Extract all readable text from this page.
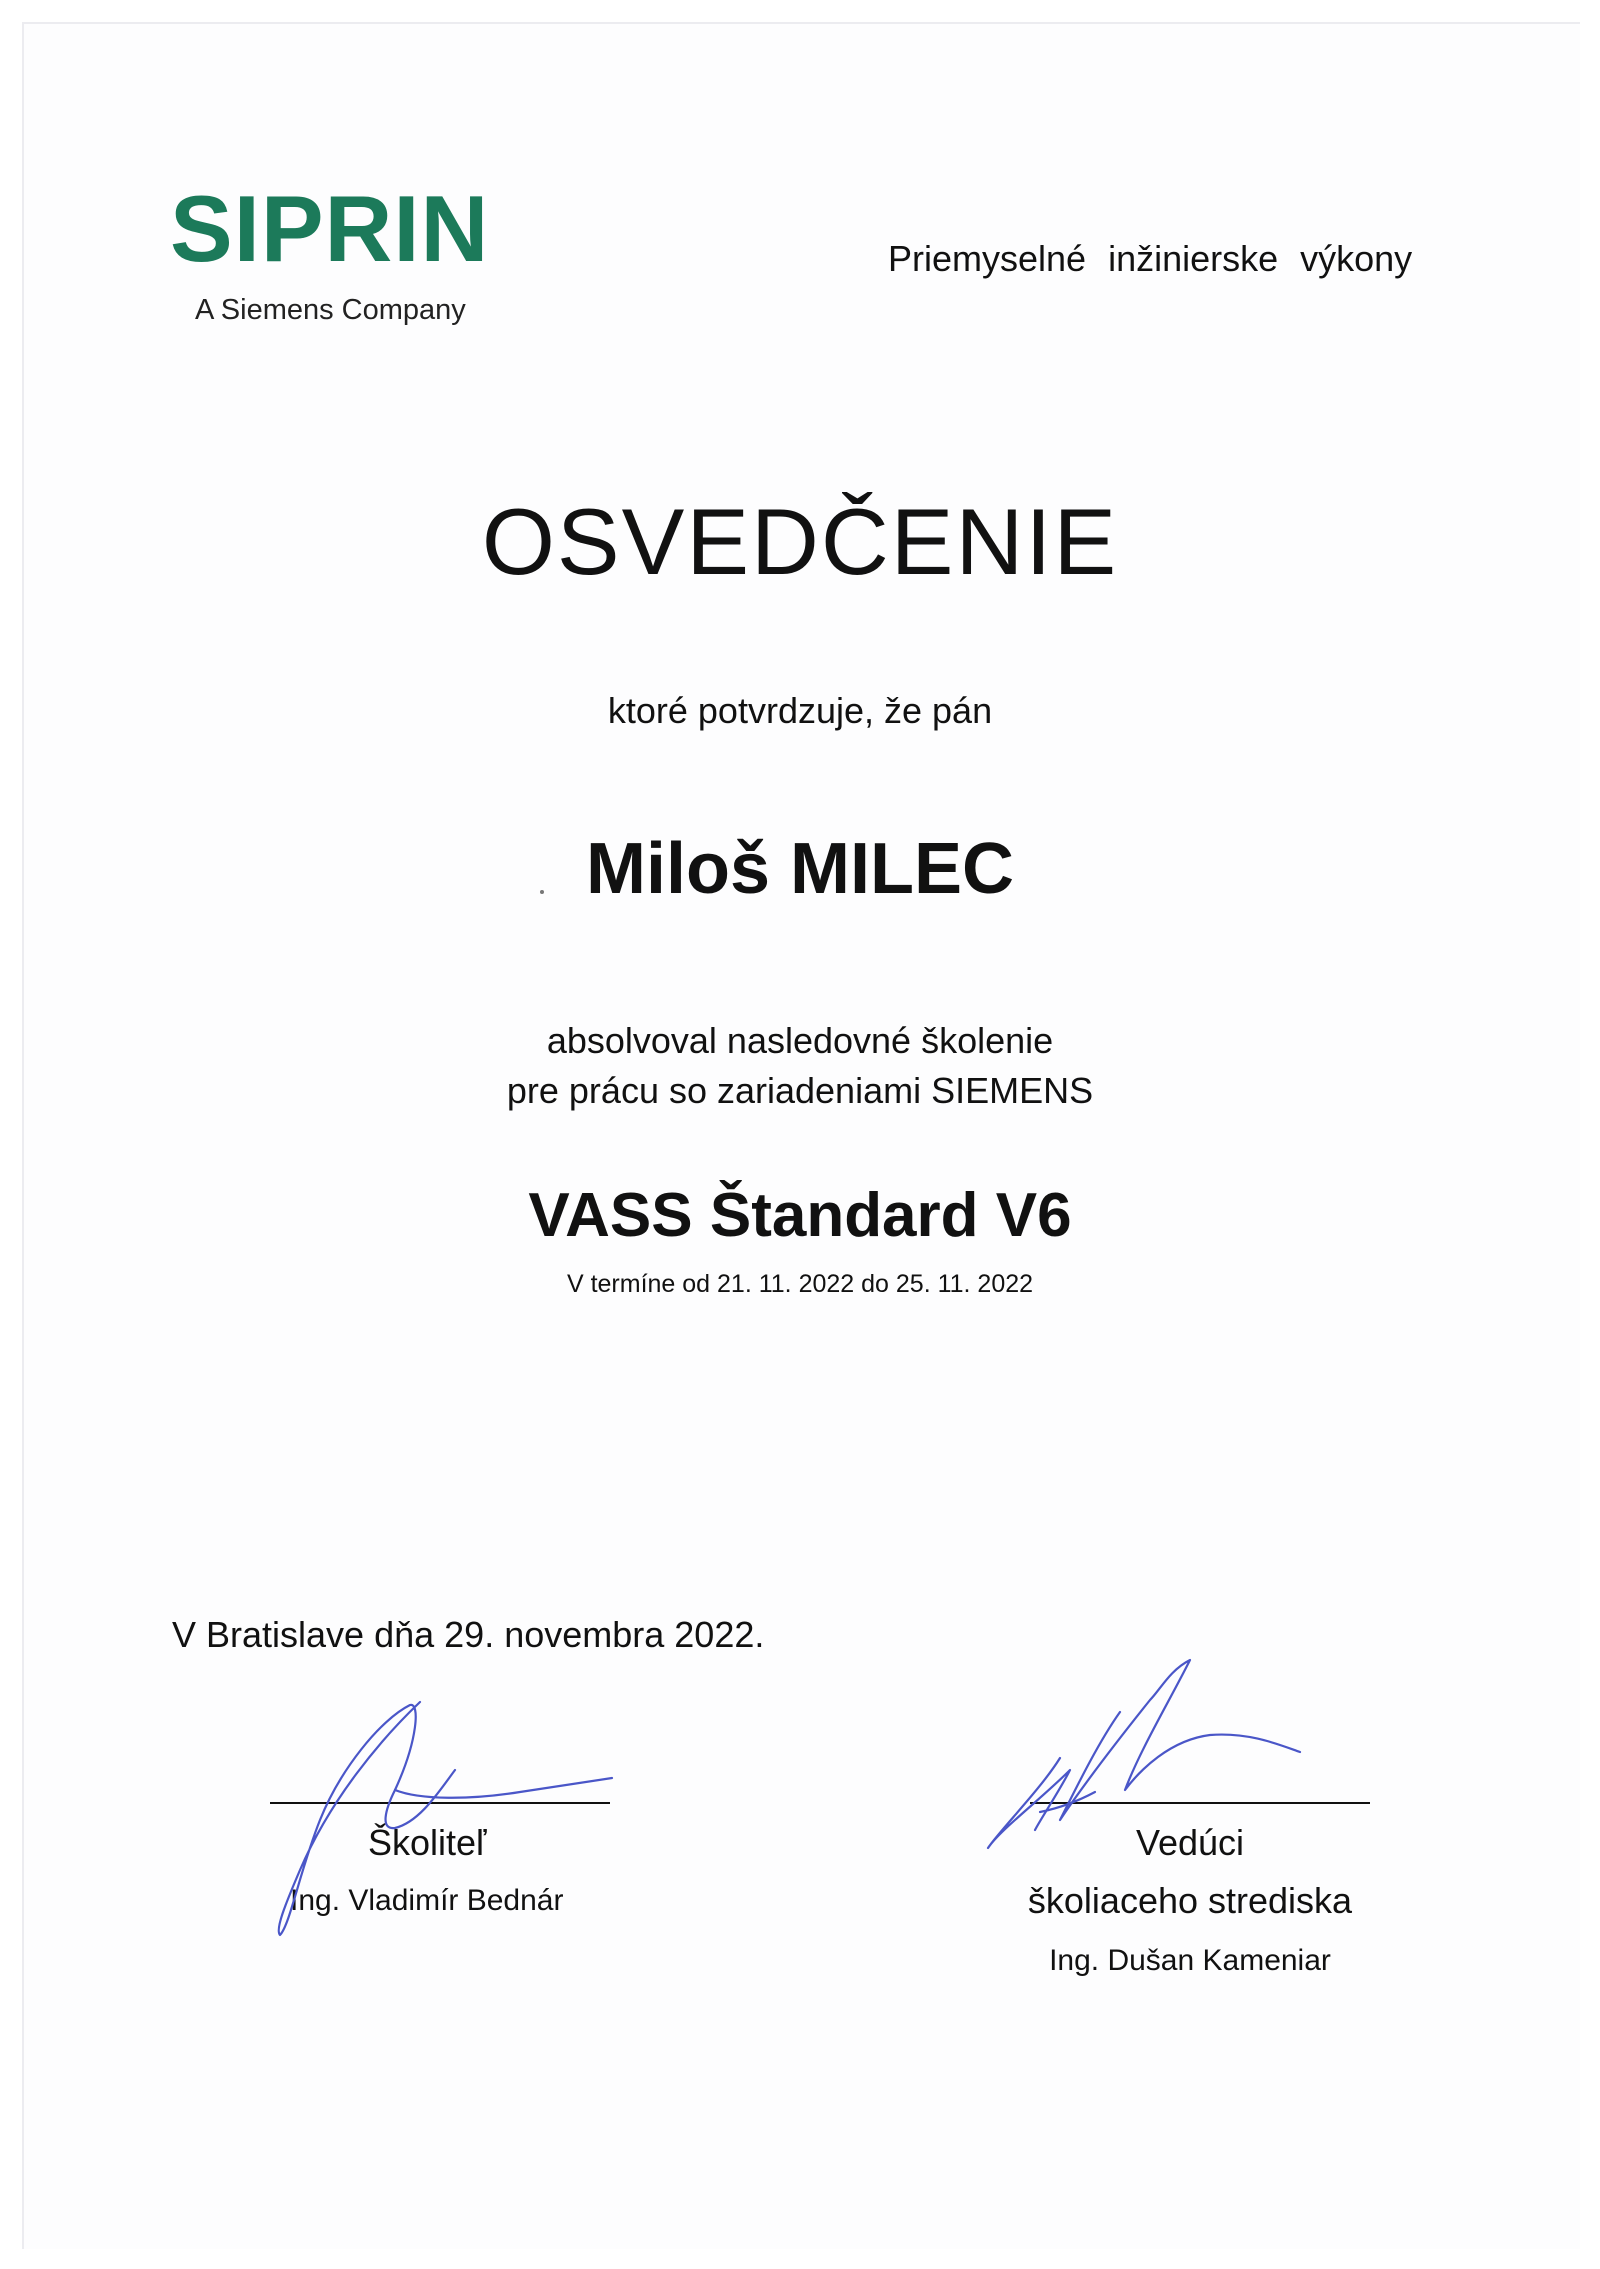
SIPRIN
A Siemens Company
Priemyselné inžinierske výkony
OSVEDČENIE
ktoré potvrdzuje, že pán
Miloš MILEC
absolvoval nasledovné školenie
pre prácu so zariadeniami SIEMENS
VASS Štandard V6
V termíne od 21. 11. 2022 do 25. 11. 2022
V Bratislave dňa 29. novembra 2022.
Školiteľ
Ing. Vladimír Bednár
Vedúci
školiaceho strediska
Ing. Dušan Kameniar
